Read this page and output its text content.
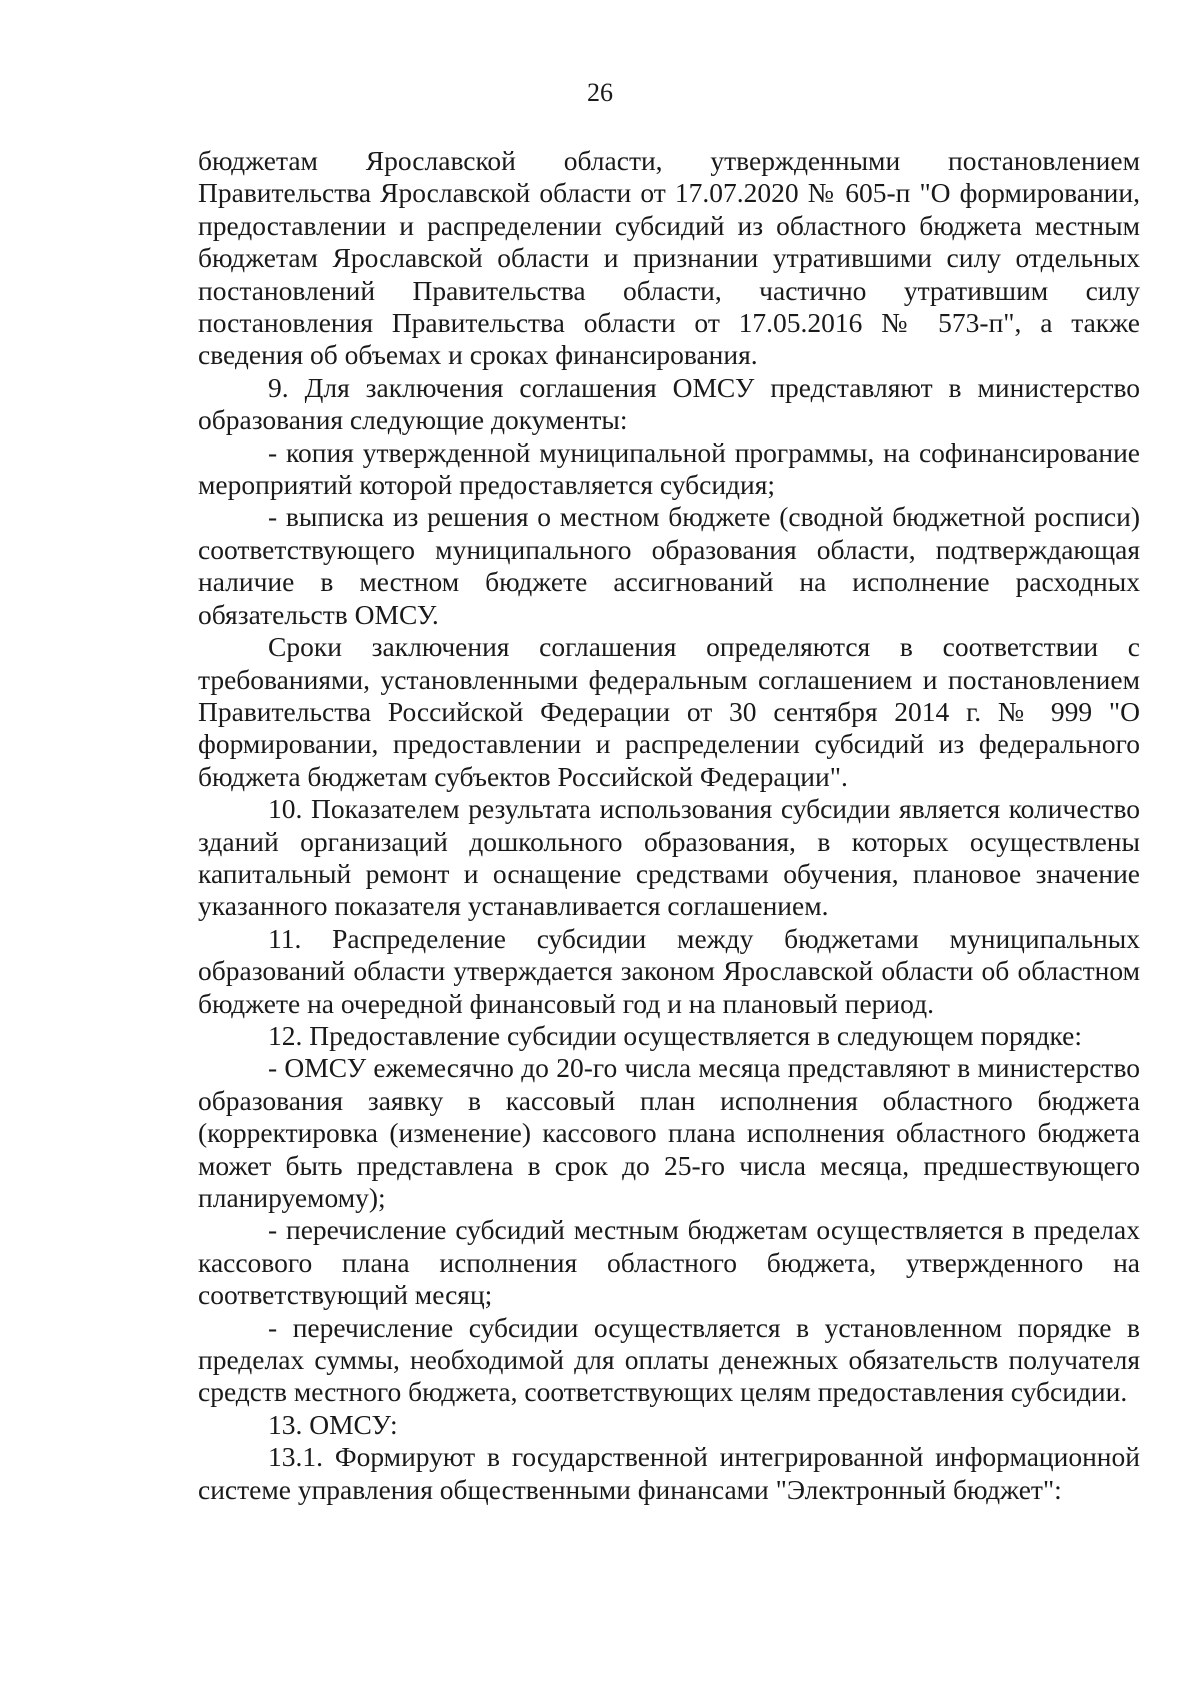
26

бюджетам Ярославской области, утвержденными постановлением Правительства Ярославской области от 17.07.2020 № 605-п "О формировании, предоставлении и распределении субсидий из областного бюджета местным бюджетам Ярославской области и признании утратившими силу отдельных постановлений Правительства области, частично утратившим силу постановления Правительства области от 17.05.2016 № 573-п", а также сведения об объемах и сроках финансирования.

9. Для заключения соглашения ОМСУ представляют в министерство образования следующие документы:

- копия утвержденной муниципальной программы, на софинансирование мероприятий которой предоставляется субсидия;

- выписка из решения о местном бюджете (сводной бюджетной росписи) соответствующего муниципального образования области, подтверждающая наличие в местном бюджете ассигнований на исполнение расходных обязательств ОМСУ.

Сроки заключения соглашения определяются в соответствии с требованиями, установленными федеральным соглашением и постановлением Правительства Российской Федерации от 30 сентября 2014 г. № 999 "О формировании, предоставлении и распределении субсидий из федерального бюджета бюджетам субъектов Российской Федерации".

10. Показателем результата использования субсидии является количество зданий организаций дошкольного образования, в которых осуществлены капитальный ремонт и оснащение средствами обучения, плановое значение указанного показателя устанавливается соглашением.

11. Распределение субсидии между бюджетами муниципальных образований области утверждается законом Ярославской области об областном бюджете на очередной финансовый год и на плановый период.

12. Предоставление субсидии осуществляется в следующем порядке:

- ОМСУ ежемесячно до 20-го числа месяца представляют в министерство образования заявку в кассовый план исполнения областного бюджета (корректировка (изменение) кассового плана исполнения областного бюджета может быть представлена в срок до 25-го числа месяца, предшествующего планируемому);

- перечисление субсидий местным бюджетам осуществляется в пределах кассового плана исполнения областного бюджета, утвержденного на соответствующий месяц;

- перечисление субсидии осуществляется в установленном порядке в пределах суммы, необходимой для оплаты денежных обязательств получателя средств местного бюджета, соответствующих целям предоставления субсидии.

13. ОМСУ:

13.1. Формируют в государственной интегрированной информационной системе управления общественными финансами "Электронный бюджет":
